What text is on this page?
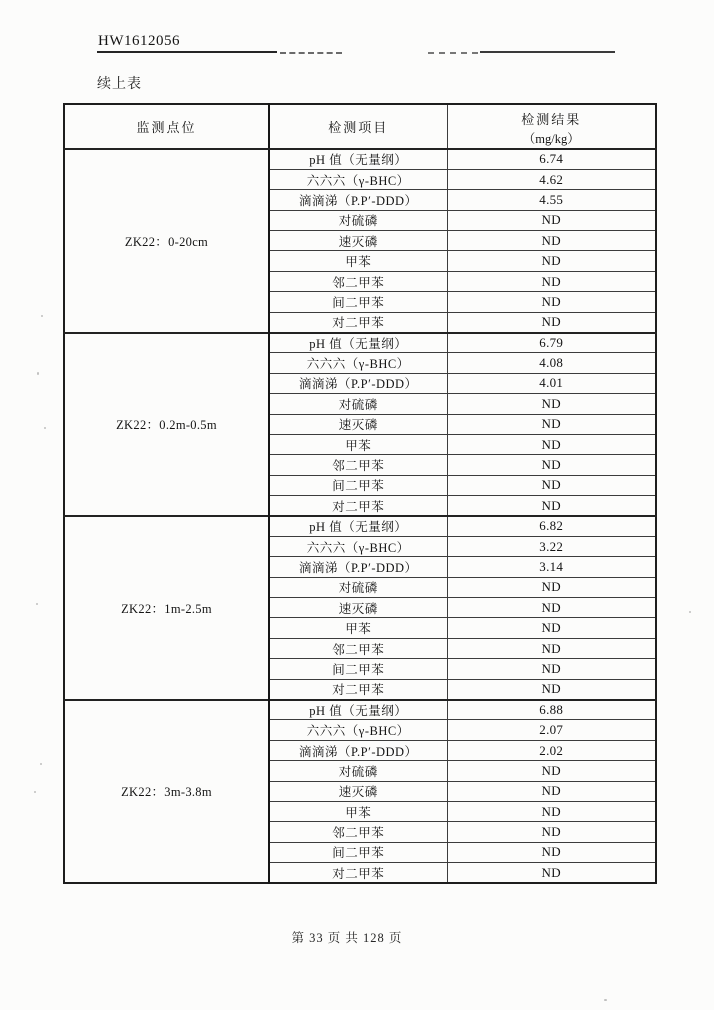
HW1612056
续上表
监测点位	检测项目	检测结果
（mg/kg）

ZK22：0-20cm	pH 值（无量纲）	6.74
	六六六（γ-BHC）	4.62
	滴滴涕（P.P′-DDD）	4.55
	对硫磷	ND
	速灭磷	ND
	甲苯	ND
	邻二甲苯	ND
	间二甲苯	ND
	对二甲苯	ND
ZK22：0.2m-0.5m	pH 值（无量纲）	6.79
	六六六（γ-BHC）	4.08
	滴滴涕（P.P′-DDD）	4.01
	对硫磷	ND
	速灭磷	ND
	甲苯	ND
	邻二甲苯	ND
	间二甲苯	ND
	对二甲苯	ND
ZK22：1m-2.5m	pH 值（无量纲）	6.82
	六六六（γ-BHC）	3.22
	滴滴涕（P.P′-DDD）	3.14
	对硫磷	ND
	速灭磷	ND
	甲苯	ND
	邻二甲苯	ND
	间二甲苯	ND
	对二甲苯	ND
ZK22：3m-3.8m	pH 值（无量纲）	6.88
	六六六（γ-BHC）	2.07
	滴滴涕（P.P′-DDD）	2.02
	对硫磷	ND
	速灭磷	ND
	甲苯	ND
	邻二甲苯	ND
	间二甲苯	ND
	对二甲苯	ND
第 33 页 共 128 页
